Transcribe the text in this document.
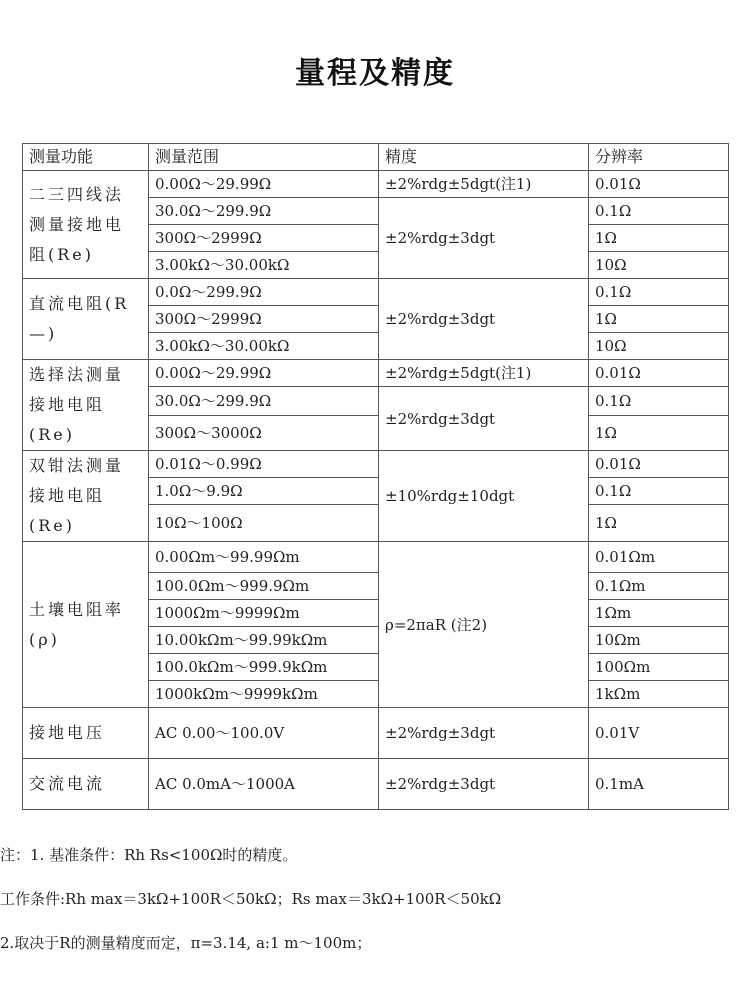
量程及精度
测量功能	测量范围	精度	分辨率
二三四线法测量接地电阻(Re)	0.00Ω～29.99Ω	±2%rdg±5dgt(注1)	0.01Ω
	30.0Ω～299.9Ω	±2%rdg±3dgt	0.1Ω
	300Ω～2999Ω		1Ω
	3.00kΩ～30.00kΩ		10Ω
直流电阻(R—)	0.0Ω～299.9Ω	±2%rdg±3dgt	0.1Ω
	300Ω～2999Ω		1Ω
	3.00kΩ～30.00kΩ		10Ω
选择法测量接地电阻(Re)	0.00Ω～29.99Ω	±2%rdg±5dgt(注1)	0.01Ω
	30.0Ω～299.9Ω	±2%rdg±3dgt	0.1Ω
	300Ω～3000Ω		1Ω
双钳法测量接地电阻(Re)	0.01Ω～0.99Ω	±10%rdg±10dgt	0.01Ω
	1.0Ω～9.9Ω		0.1Ω
	10Ω～100Ω		1Ω
土壤电阻率(ρ)	0.00Ωm～99.99Ωm	ρ=2πaR (注2)	0.01Ωm
	100.0Ωm～999.9Ωm		0.1Ωm
	1000Ωm～9999Ωm		1Ωm
	10.00kΩm～99.99kΩm		10Ωm
	100.0kΩm～999.9kΩm		100Ωm
	1000kΩm～9999kΩm		1kΩm
接地电压	AC 0.00～100.0V	±2%rdg±3dgt	0.01V
交流电流	AC 0.0mA～1000A	±2%rdg±3dgt	0.1mA
注：1. 基准条件：Rh Rs<100Ω时的精度。
工作条件:Rh max＝3kΩ+100R＜50kΩ；Rs max＝3kΩ+100R＜50kΩ
2.取决于R的测量精度而定，π=3.14, a:1 m～100m；
